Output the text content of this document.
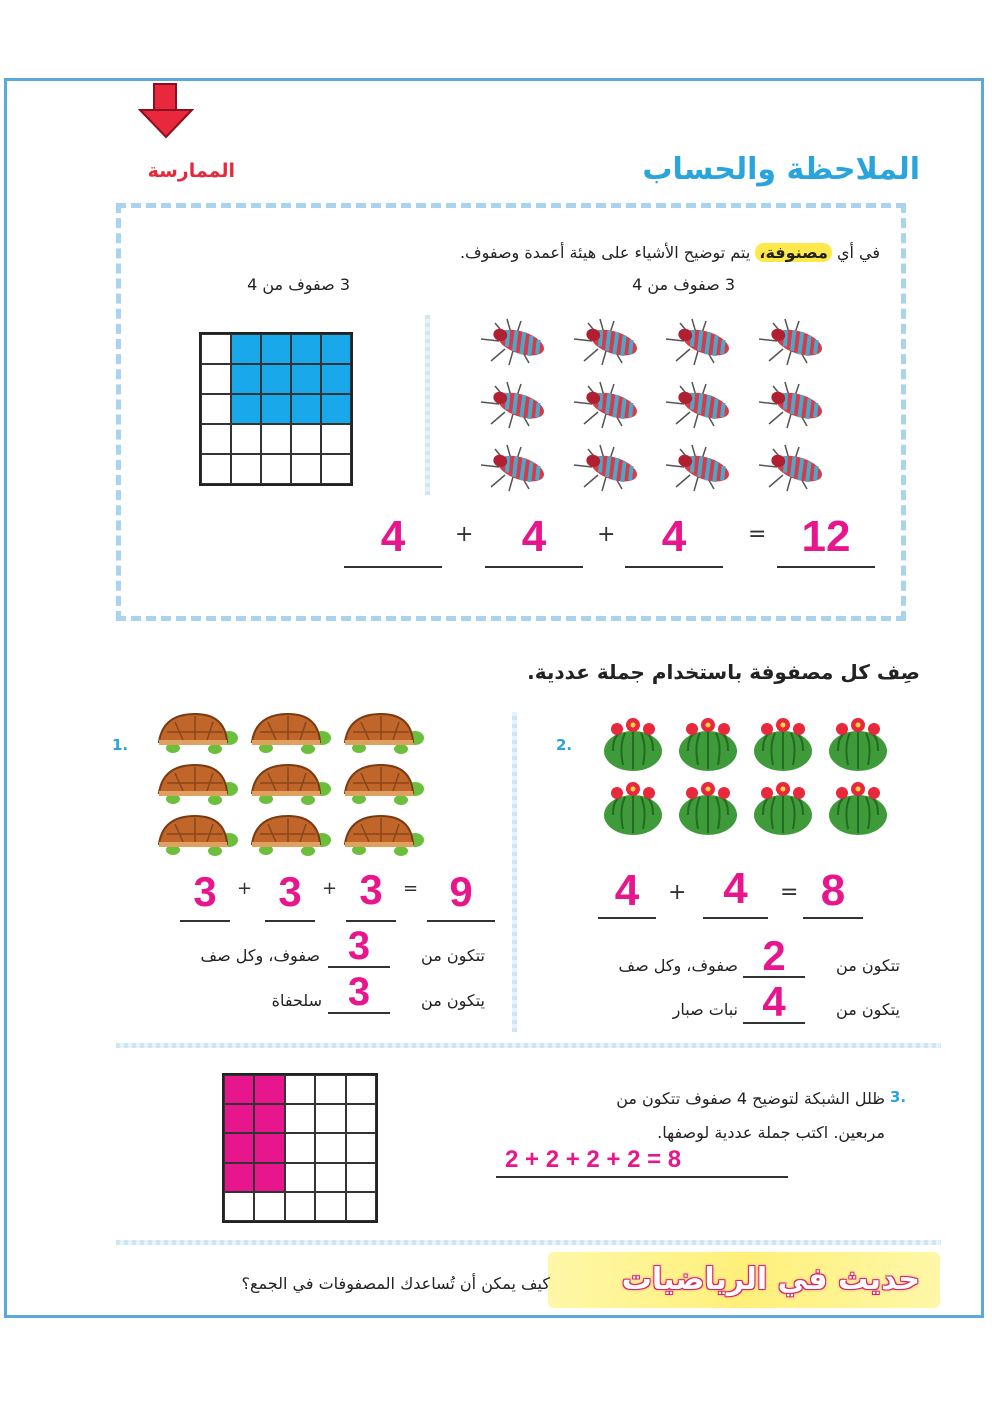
الممارسة	الملاحظة والحساب
في أي مصنوفة، يتم توضيح الأشياء على هيئة أعمدة وصفوف.
3 صفوف من 4	3 صفوف من 4
4	+	4	+	4	= 12
صِف كل مصفوفة باستخدام جملة عددية.
1.
3	+ 3	+ 3	= 9
تتكون من
3
صفوف، وكل صف
يتكون من
3
سلحفاة
2.
4	+ 4	= 8
تتكون من
2
صفوف، وكل صف
يتكون من
4
نبات صبار
3.
ظلل الشبكة لتوضيح 4 صفوف تتكون من
مربعين. اكتب جملة عددية لوصفها.
2 + 2 + 2 + 2 = 8
حديث في الرياضيات
كيف يمكن أن تُساعدك المصفوفات في الجمع؟
